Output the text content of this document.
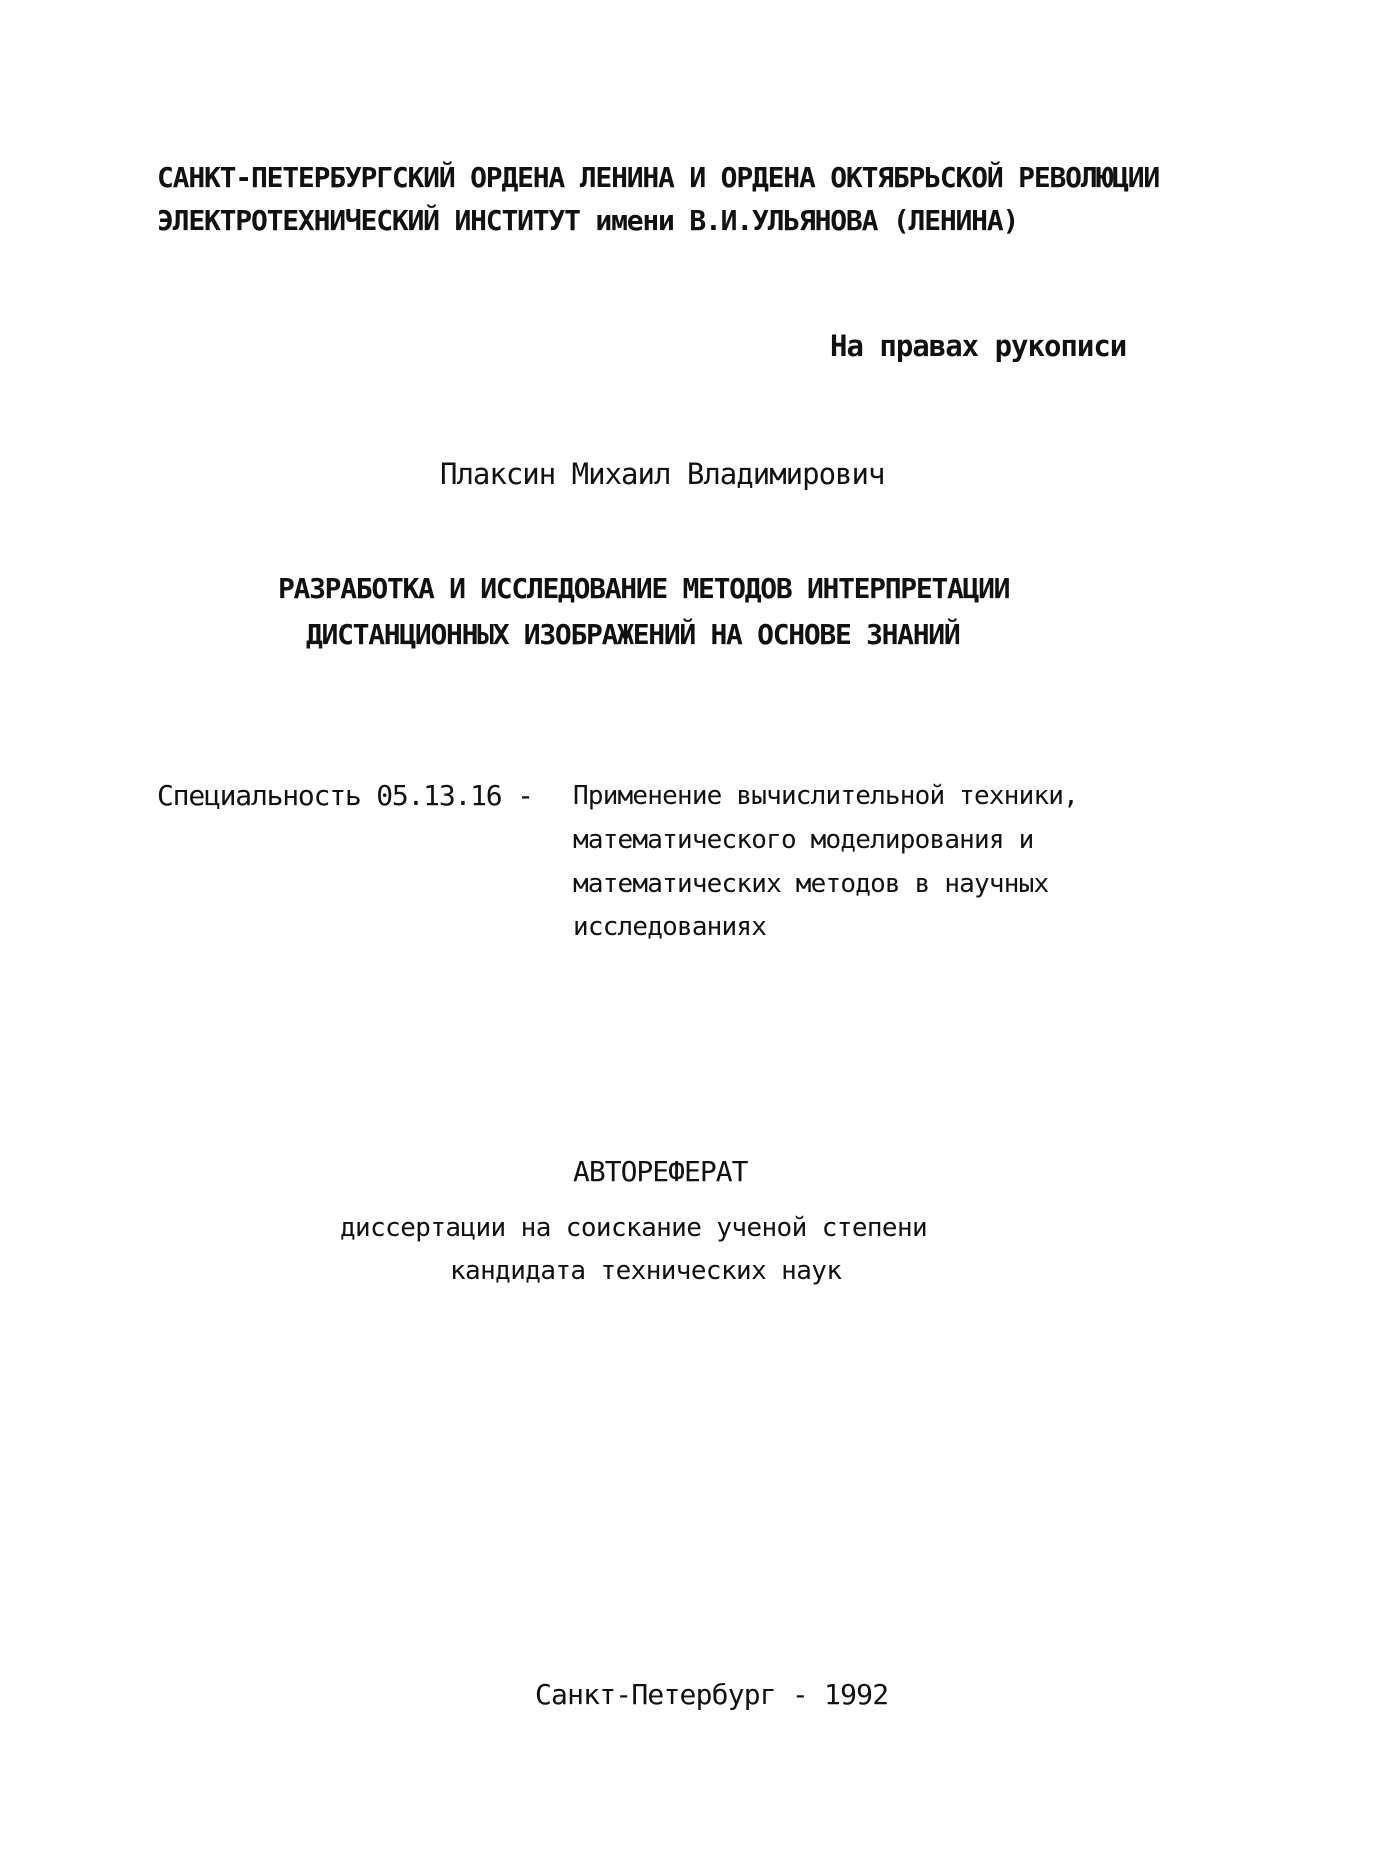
САНКТ-ПЕТЕРБУРГСКИЙ ОРДЕНА ЛЕНИНА И ОРДЕНА ОКТЯБРЬСКОЙ РЕВОЛЮЦИИ
ЭЛЕКТРОТЕХНИЧЕСКИЙ ИНСТИТУТ имени В.И.УЛЬЯНОВА (ЛЕНИНА)
На правах рукописи
Плаксин Михаил Владимирович
РАЗРАБОТКА И ИССЛЕДОВАНИЕ МЕТОДОВ ИНТЕРПРЕТАЦИИ
ДИСТАНЦИОННЫХ ИЗОБРАЖЕНИЙ НА ОСНОВЕ ЗНАНИЙ
Специальность 05.13.16 - Применение вычислительной техники,
математического моделирования и
математических методов в научных
исследованиях
АВТОРЕФЕРАТ
диссертации на соискание ученой степени
кандидата технических наук
Санкт-Петербург - 1992
